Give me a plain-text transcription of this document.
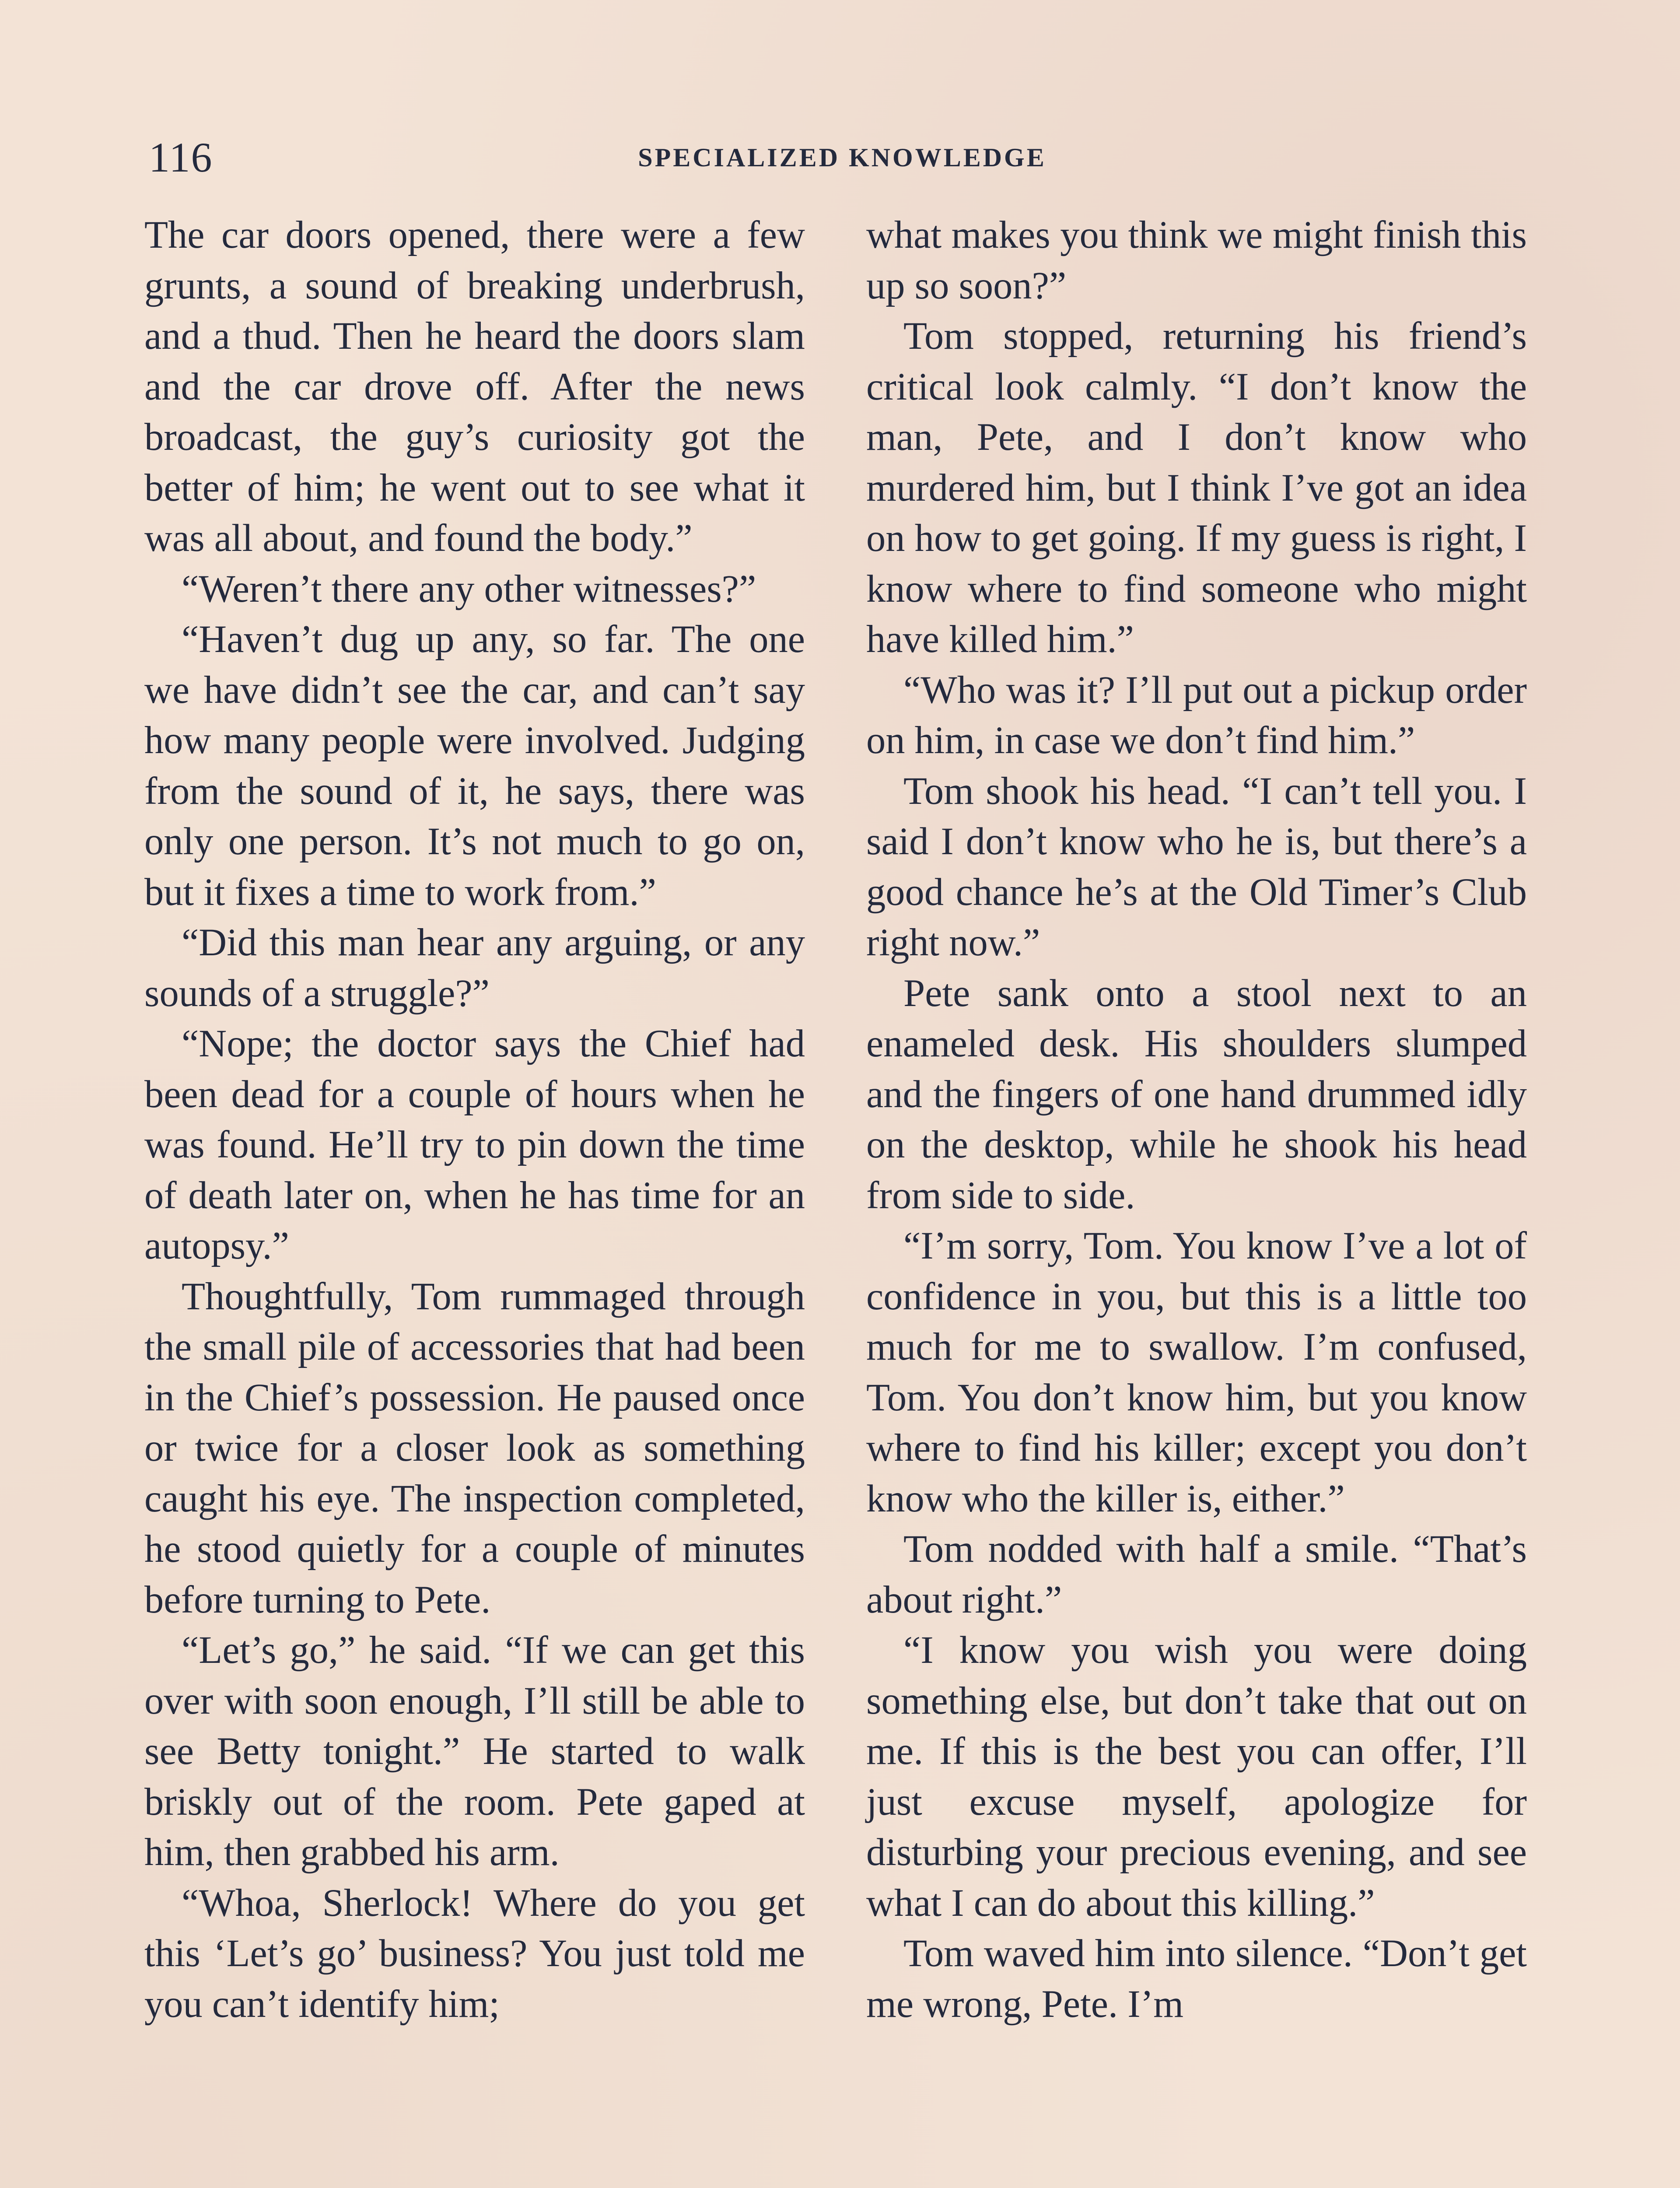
116	SPECIALIZED KNOWLEDGE

The car doors opened, there were a few grunts, a sound of breaking underbrush, and a thud. Then he heard the doors slam and the car drove off. After the news broadcast, the guy’s curiosity got the better of him; he went out to see what it was all about, and found the body.”

“Weren’t there any other witnesses?”

“Haven’t dug up any, so far. The one we have didn’t see the car, and can’t say how many people were involved. Judging from the sound of it, he says, there was only one person. It’s not much to go on, but it fixes a time to work from.”

“Did this man hear any arguing, or any sounds of a struggle?”

“Nope; the doctor says the Chief had been dead for a couple of hours when he was found. He’ll try to pin down the time of death later on, when he has time for an autopsy.”

Thoughtfully, Tom rummaged through the small pile of accessories that had been in the Chief’s possession. He paused once or twice for a closer look as something caught his eye. The inspection completed, he stood quietly for a couple of minutes before turning to Pete.

“Let’s go,” he said. “If we can get this over with soon enough, I’ll still be able to see Betty tonight.” He started to walk briskly out of the room. Pete gaped at him, then grabbed his arm.

“Whoa, Sherlock! Where do you get this ‘Let’s go’ business? You just told me you can’t identify him;

what makes you think we might finish this up so soon?”

Tom stopped, returning his friend’s critical look calmly. “I don’t know the man, Pete, and I don’t know who murdered him, but I think I’ve got an idea on how to get going. If my guess is right, I know where to find someone who might have killed him.”

“Who was it? I’ll put out a pickup order on him, in case we don’t find him.”

Tom shook his head. “I can’t tell you. I said I don’t know who he is, but there’s a good chance he’s at the Old Timer’s Club right now.”

Pete sank onto a stool next to an enameled desk. His shoulders slumped and the fingers of one hand drummed idly on the desktop, while he shook his head from side to side.

“I’m sorry, Tom. You know I’ve a lot of confidence in you, but this is a little too much for me to swallow. I’m confused, Tom. You don’t know him, but you know where to find his killer; except you don’t know who the killer is, either.”

Tom nodded with half a smile. “That’s about right.”

“I know you wish you were doing something else, but don’t take that out on me. If this is the best you can offer, I’ll just excuse myself, apologize for disturbing your precious evening, and see what I can do about this killing.”

Tom waved him into silence. “Don’t get me wrong, Pete. I’m
